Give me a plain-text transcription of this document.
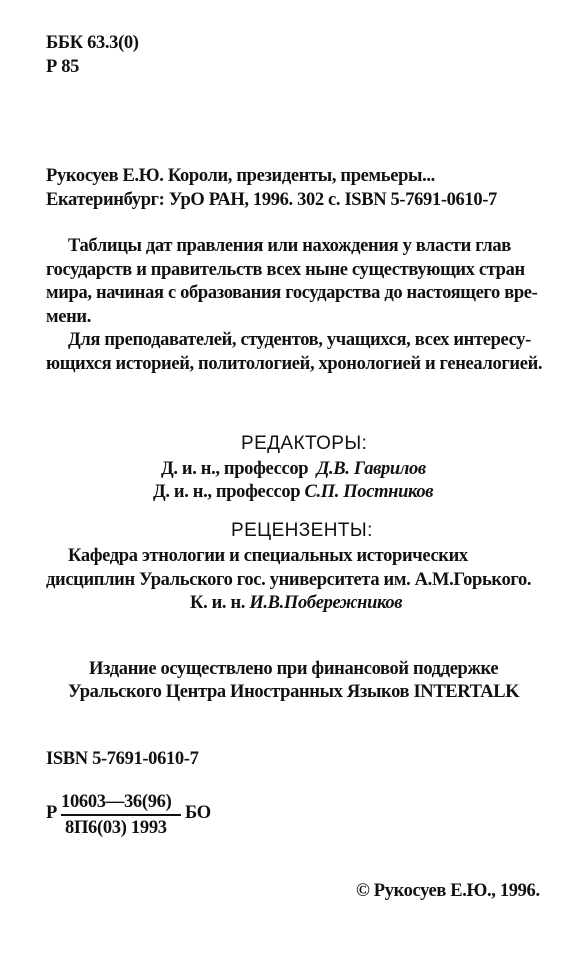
ББК 63.3(0)
Р 85
Рукосуев Е.Ю. Короли, президенты, премьеры...
Екатеринбург: УрО РАН, 1996. 302 с. ISBN 5-7691-0610-7
Таблицы дат правления или нахождения у власти глав
государств и правительств всех ныне существующих стран
мира, начиная с образования государства до настоящего вре-
мени.
Для преподавателей, студентов, учащихся, всех интересу-
ющихся историей, политологией, хронологией и генеалогией.
РЕДАКТОРЫ:
Д. и. н., профессор Д.В. Гаврилов
Д. и. н., профессор С.П. Постников
РЕЦЕНЗЕНТЫ:
Кафедра этнологии и специальных исторических
дисциплин Уральского гос. университета им. А.М.Горького.
К. и. н. И.В.Побережников
Издание осуществлено при финансовой поддержке
Уральского Центра Иностранных Языков INTERTALK
ISBN 5-7691-0610-7
Р
10603—36(96)
8П6(03) 1993
БО
© Рукосуев Е.Ю., 1996.
